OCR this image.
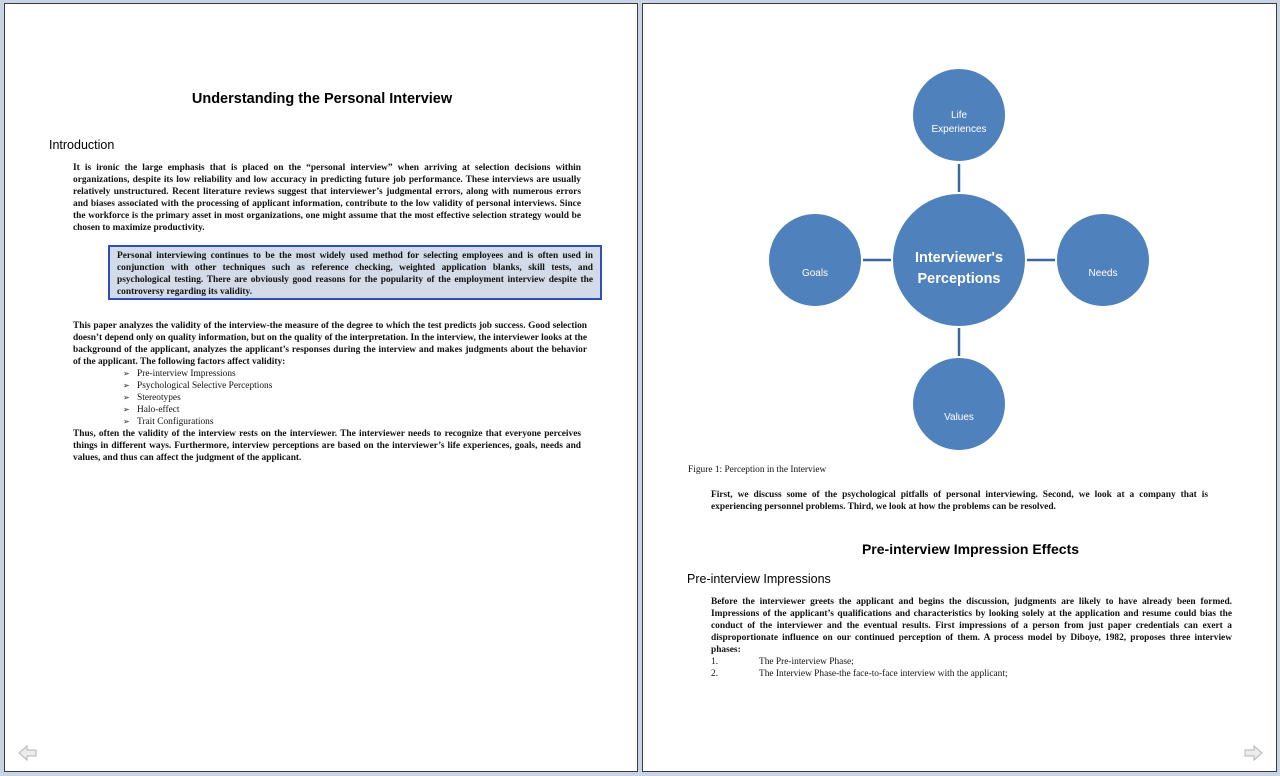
Understanding the Personal Interview
Introduction
It is ironic the large emphasis that is placed on the “personal interview” when arriving at selection decisions within organizations, despite its low reliability and low accuracy in predicting future job performance. These interviews are usually relatively unstructured. Recent literature reviews suggest that interviewer’s judgmental errors, along with numerous errors and biases associated with the processing of applicant information, contribute to the low validity of personal interviews. Since the workforce is the primary asset in most organizations, one might assume that the most effective selection strategy would be chosen to maximize productivity.
Personal interviewing continues to be the most widely used method for selecting employees and is often used in conjunction with other techniques such as reference checking, weighted application blanks, skill tests, and psychological testing. There are obviously good reasons for the popularity of the employment interview despite the controversy regarding its validity.
This paper analyzes the validity of the interview-the measure of the degree to which the test predicts job success. Good selection doesn’t depend only on quality information, but on the quality of the interpretation. In the interview, the interviewer looks at the background of the applicant, analyzes the applicant’s responses during the interview and makes judgments about the behavior of the applicant. The following factors affect validity:
➢ Pre-interview Impressions
➢ Psychological Selective Perceptions
➢ Stereotypes
➢ Halo-effect
➢ Trait Configurations
Thus, often the validity of the interview rests on the interviewer. The interviewer needs to recognize that everyone perceives things in different ways. Furthermore, interview perceptions are based on the interviewer’s life experiences, goals, needs and values, and thus can affect the judgment of the applicant.
Life
Experiences
Interviewer's
Perceptions
Goals	Needs
Values
Figure 1: Perception in the Interview
First, we discuss some of the psychological pitfalls of personal interviewing. Second, we look at a company that is experiencing personnel problems. Third, we look at how the problems can be resolved.
Pre-interview Impression Effects
Pre-interview Impressions
Before the interviewer greets the applicant and begins the discussion, judgments are likely to have already been formed. Impressions of the applicant’s qualifications and characteristics by looking solely at the application and resume could bias the conduct of the interviewer and the eventual results. First impressions of a person from just paper credentials can exert a disproportionate influence on our continued perception of them. A process model by Diboye, 1982, proposes three interview phases:
1.	The Pre-interview Phase;
2.	The Interview Phase-the face-to-face interview with the applicant;
